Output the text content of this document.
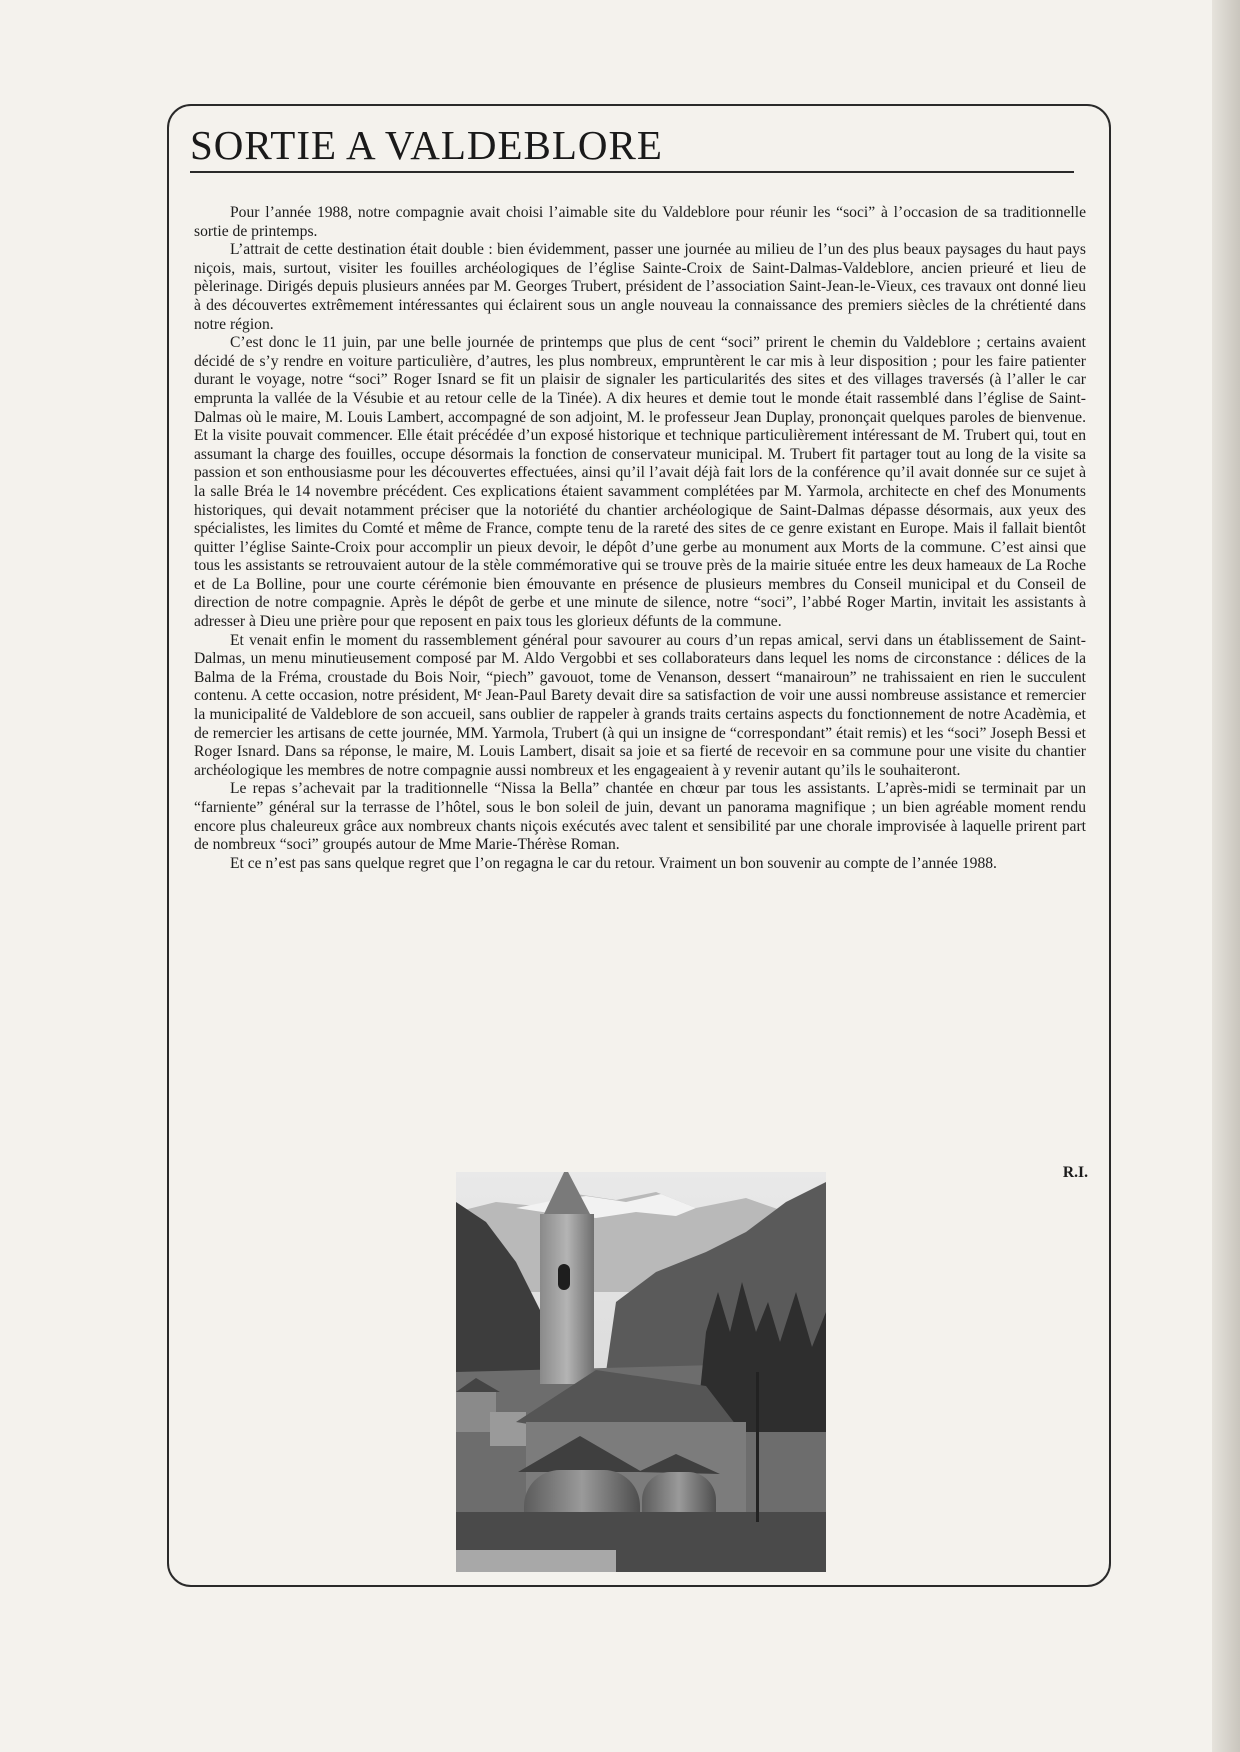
SORTIE A VALDEBLORE

Pour l’année 1988, notre compagnie avait choisi l’aimable site du Valdeblore pour réunir les “soci” à l’occasion de sa traditionnelle sortie de printemps.

L’attrait de cette destination était double : bien évidemment, passer une journée au milieu de l’un des plus beaux paysages du haut pays niçois, mais, surtout, visiter les fouilles archéologiques de l’église Sainte-Croix de Saint-Dalmas-Valdeblore, ancien prieuré et lieu de pèlerinage. Dirigés depuis plusieurs années par M. Georges Trubert, président de l’association Saint-Jean-le-Vieux, ces travaux ont donné lieu à des découvertes extrêmement intéressantes qui éclairent sous un angle nouveau la connaissance des premiers siècles de la chrétienté dans notre région.

C’est donc le 11 juin, par une belle journée de printemps que plus de cent “soci” prirent le chemin du Valdeblore ; certains avaient décidé de s’y rendre en voiture particulière, d’autres, les plus nombreux, empruntèrent le car mis à leur disposition ; pour les faire patienter durant le voyage, notre “soci” Roger Isnard se fit un plaisir de signaler les particularités des sites et des villages traversés (à l’aller le car emprunta la vallée de la Vésubie et au retour celle de la Tinée). A dix heures et demie tout le monde était rassemblé dans l’église de Saint-Dalmas où le maire, M. Louis Lambert, accompagné de son adjoint, M. le professeur Jean Duplay, prononçait quelques paroles de bienvenue. Et la visite pouvait commencer. Elle était précédée d’un exposé historique et technique particulièrement intéressant de M. Trubert qui, tout en assumant la charge des fouilles, occupe désormais la fonction de conservateur municipal. M. Trubert fit partager tout au long de la visite sa passion et son enthousiasme pour les découvertes effectuées, ainsi qu’il l’avait déjà fait lors de la conférence qu’il avait donnée sur ce sujet à la salle Bréa le 14 novembre précédent. Ces explications étaient savamment complétées par M. Yarmola, architecte en chef des Monuments historiques, qui devait notamment préciser que la notoriété du chantier archéologique de Saint-Dalmas dépasse désormais, aux yeux des spécialistes, les limites du Comté et même de France, compte tenu de la rareté des sites de ce genre existant en Europe. Mais il fallait bientôt quitter l’église Sainte-Croix pour accomplir un pieux devoir, le dépôt d’une gerbe au monument aux Morts de la commune. C’est ainsi que tous les assistants se retrouvaient autour de la stèle commémorative qui se trouve près de la mairie située entre les deux hameaux de La Roche et de La Bolline, pour une courte cérémonie bien émouvante en présence de plusieurs membres du Conseil municipal et du Conseil de direction de notre compagnie. Après le dépôt de gerbe et une minute de silence, notre “soci”, l’abbé Roger Martin, invitait les assistants à adresser à Dieu une prière pour que reposent en paix tous les glorieux défunts de la commune.

Et venait enfin le moment du rassemblement général pour savourer au cours d’un repas amical, servi dans un établissement de Saint-Dalmas, un menu minutieusement composé par M. Aldo Vergobbi et ses collaborateurs dans lequel les noms de circonstance : délices de la Balma de la Fréma, croustade du Bois Noir, “piech” gavouot, tome de Venanson, dessert “manairoun” ne trahissaient en rien le succulent contenu. A cette occasion, notre président, Mᵉ Jean-Paul Barety devait dire sa satisfaction de voir une aussi nombreuse assistance et remercier la municipalité de Valdeblore de son accueil, sans oublier de rappeler à grands traits certains aspects du fonctionnement de notre Acadèmia, et de remercier les artisans de cette journée, MM. Yarmola, Trubert (à qui un insigne de “correspondant” était remis) et les “soci” Joseph Bessi et Roger Isnard. Dans sa réponse, le maire, M. Louis Lambert, disait sa joie et sa fierté de recevoir en sa commune pour une visite du chantier archéologique les membres de notre compagnie aussi nombreux et les engageaient à y revenir autant qu’ils le souhaiteront.

Le repas s’achevait par la traditionnelle “Nissa la Bella” chantée en chœur par tous les assistants. L’après-midi se terminait par un “farniente” général sur la terrasse de l’hôtel, sous le bon soleil de juin, devant un panorama magnifique ; un bien agréable moment rendu encore plus chaleureux grâce aux nombreux chants niçois exécutés avec talent et sensibilité par une chorale improvisée à laquelle prirent part de nombreux “soci” groupés autour de Mme Marie-Thérèse Roman.

Et ce n’est pas sans quelque regret que l’on regagna le car du retour. Vraiment un bon souvenir au compte de l’année 1988.

R.I.
